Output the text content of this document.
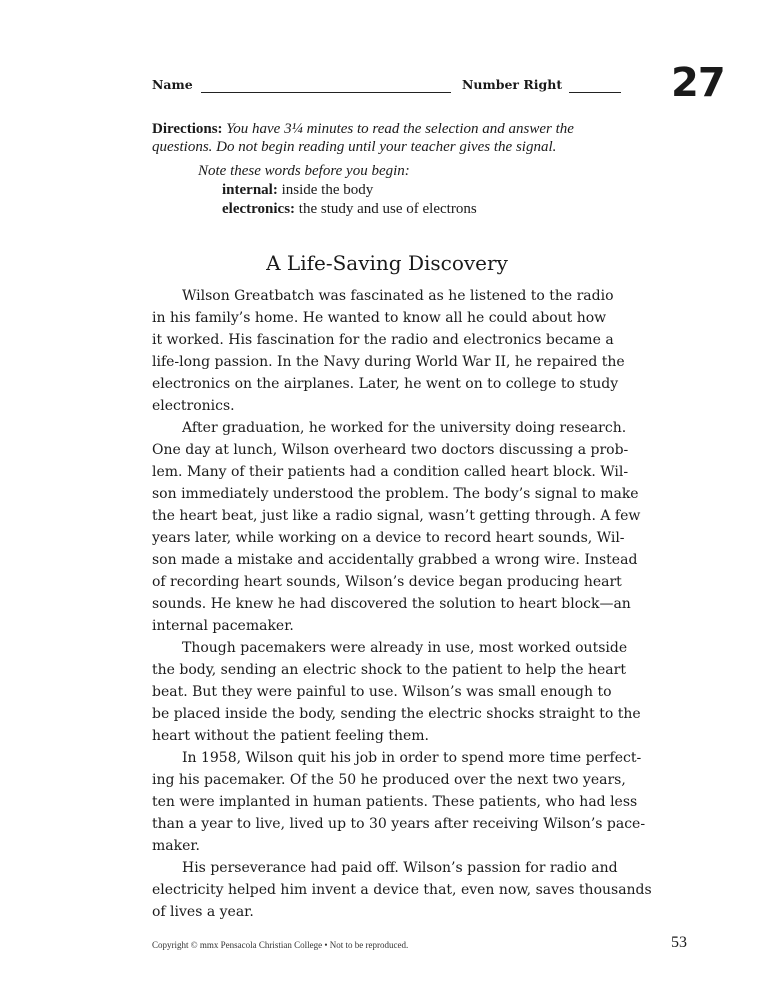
Name	Number Right	27
Directions: You have 3¼ minutes to read the selection and answer the
questions. Do not begin reading until your teacher gives the signal.
Note these words before you begin:
internal: inside the body
electronics: the study and use of electrons
A Life-Saving Discovery
Wilson Greatbatch was fascinated as he listened to the radio
in his family’s home. He wanted to know all he could about how
it worked. His fascination for the radio and electronics became a
life-long passion. In the Navy during World War II, he repaired the
electronics on the airplanes. Later, he went on to college to study
electronics.
After graduation, he worked for the university doing research.
One day at lunch, Wilson overheard two doctors discussing a prob-
lem. Many of their patients had a condition called heart block. Wil-
son immediately understood the problem. The body’s signal to make
the heart beat, just like a radio signal, wasn’t getting through. A few
years later, while working on a device to record heart sounds, Wil-
son made a mistake and accidentally grabbed a wrong wire. Instead
of recording heart sounds, Wilson’s device began producing heart
sounds. He knew he had discovered the solution to heart block—an
internal pacemaker.
Though pacemakers were already in use, most worked outside
the body, sending an electric shock to the patient to help the heart
beat. But they were painful to use. Wilson’s was small enough to
be placed inside the body, sending the electric shocks straight to the
heart without the patient feeling them.
In 1958, Wilson quit his job in order to spend more time perfect-
ing his pacemaker. Of the 50 he produced over the next two years,
ten were implanted in human patients. These patients, who had less
than a year to live, lived up to 30 years after receiving Wilson’s pace-
maker.
His perseverance had paid off. Wilson’s passion for radio and
electricity helped him invent a device that, even now, saves thousands
of lives a year.
Copyright © mmx Pensacola Christian College • Not to be reproduced.	53
